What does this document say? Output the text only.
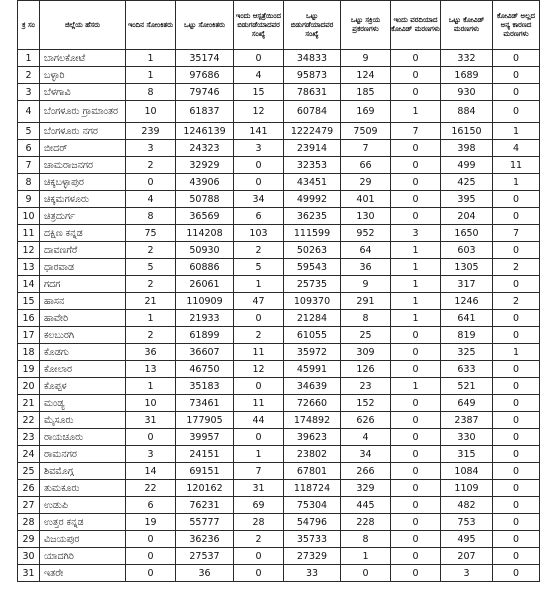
ಕ್ರ ಸಂ	ಜಿಲ್ಲೆಯ ಹೆಸರು	ಇಂದಿನ ಸೋಂಕಿತರು	ಒಟ್ಟು ಸೋಂಕಿತರು	ಇಂದು ಆಸ್ಪತ್ರೆಯಿಂದ ಬಿಡುಗಡೆಯಾದವರ ಸಂಖ್ಯೆ	ಒಟ್ಟು ಬಿಡುಗಡೆಯಾದವರ ಸಂಖ್ಯೆ	ಒಟ್ಟು ಸಕ್ರಿಯ ಪ್ರಕರಣಗಳು	ಇಂದು ವರದಿಯಾದ ಕೋವಿಡ್ ಮರಣಗಳು	ಒಟ್ಟು ಕೋವಿಡ್ ಮರಣಗಳು	ಕೋವಿಡ್ ಅಲ್ಲದ ಅನ್ಯ ಕಾರಣದ ಮರಣಗಳು
1	ಬಾಗಲಕೋಟೆ	1	35174	0	34833	9	0	332	0
2	ಬಳ್ಳಾರಿ	1	97686	4	95873	124	0	1689	0
3	ಬೆಳಗಾವಿ	8	79746	15	78631	185	0	930	0
4	ಬೆಂಗಳೂರು ಗ್ರಾಮಾಂತರ	10	61837	12	60784	169	1	884	0
5	ಬೆಂಗಳೂರು ನಗರ	239	1246139	141	1222479	7509	7	16150	1
6	ಬೀದರ್	3	24323	3	23914	7	0	398	4
7	ಚಾಮರಾಜನಗರ	2	32929	0	32353	66	0	499	11
8	ಚಿಕ್ಕಬಳ್ಳಾಪುರ	0	43906	0	43451	29	0	425	1
9	ಚಿಕ್ಕಮಗಳೂರು	4	50788	34	49992	401	0	395	0
10	ಚಿತ್ರದುರ್ಗ	8	36569	6	36235	130	0	204	0
11	ದಕ್ಷಿಣ ಕನ್ನಡ	75	114208	103	111599	952	3	1650	7
12	ದಾವಣಗೆರೆ	2	50930	2	50263	64	1	603	0
13	ಧಾರವಾಡ	5	60886	5	59543	36	1	1305	2
14	ಗದಗ	2	26061	1	25735	9	1	317	0
15	ಹಾಸನ	21	110909	47	109370	291	1	1246	2
16	ಹಾವೇರಿ	1	21933	0	21284	8	1	641	0
17	ಕಲಬುರಗಿ	2	61899	2	61055	25	0	819	0
18	ಕೊಡಗು	36	36607	11	35972	309	0	325	1
19	ಕೋಲಾರ	13	46750	12	45991	126	0	633	0
20	ಕೊಪ್ಪಳ	1	35183	0	34639	23	1	521	0
21	ಮಂಡ್ಯ	10	73461	11	72660	152	0	649	0
22	ಮೈಸೂರು	31	177905	44	174892	626	0	2387	0
23	ರಾಯಚೂರು	0	39957	0	39623	4	0	330	0
24	ರಾಮನಗರ	3	24151	1	23802	34	0	315	0
25	ಶಿವಮೊಗ್ಗ	14	69151	7	67801	266	0	1084	0
26	ತುಮಕೂರು	22	120162	31	118724	329	0	1109	0
27	ಉಡುಪಿ	6	76231	69	75304	445	0	482	0
28	ಉತ್ತರ ಕನ್ನಡ	19	55777	28	54796	228	0	753	0
29	ವಿಜಯಪುರ	0	36236	2	35733	8	0	495	0
30	ಯಾದಗಿರಿ	0	27537	0	27329	1	0	207	0
31	ಇತರೇ	0	36	0	33	0	0	3	0
